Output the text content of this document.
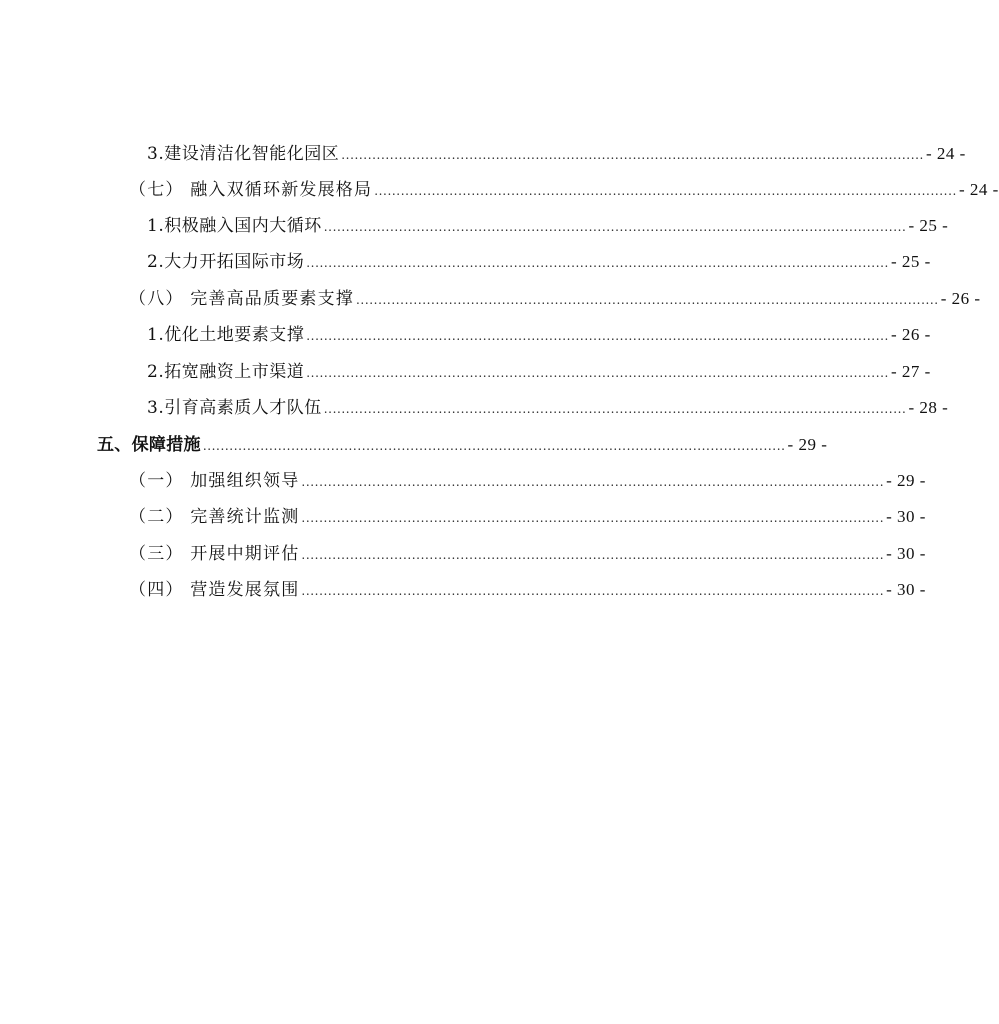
3.建设清洁化智能化园区 .................................................................................................................................... - 24 -
（七） 融入双循环新发展格局 .................................................................................................................................... - 24 -
1.积极融入国内大循环 .................................................................................................................................... - 25 -
2.大力开拓国际市场 .................................................................................................................................... - 25 -
（八） 完善高品质要素支撑 .................................................................................................................................... - 26 -
1.优化土地要素支撑 .................................................................................................................................... - 26 -
2.拓宽融资上市渠道 .................................................................................................................................... - 27 -
3.引育高素质人才队伍 .................................................................................................................................... - 28 -
五、保障措施 .................................................................................................................................... - 29 -
（一） 加强组织领导 .................................................................................................................................... - 29 -
（二） 完善统计监测 .................................................................................................................................... - 30 -
（三） 开展中期评估 .................................................................................................................................... - 30 -
（四） 营造发展氛围 .................................................................................................................................... - 30 -
